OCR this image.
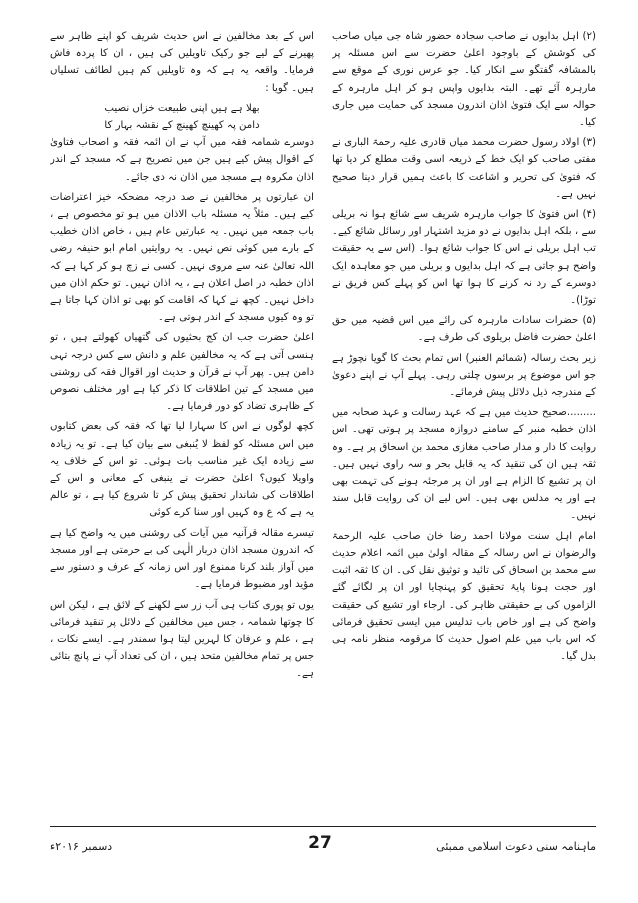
(۲) اہل بدایوں نے صاحب سجادہ حضور شاہ جی میاں صاحب کی کوشش کے باوجود اعلیٰ حضرت سے اس مسئلہ پر بالمشافہ گفتگو سے انکار کیا۔ جو عرس نوری کے موقع سے مارہرہ آئے تھے۔ البتہ بدایوں واپس ہو کر اہل مارہرہ کے حوالہ سے ایک فتویٰ اذان اندرون مسجد کی حمایت میں جاری کیا۔

(۳) اولاد رسول حضرت محمد میاں قادری علیہ رحمۃ الباری نے مفتی صاحب کو ایک خط کے ذریعہ اسی وقت مطلع کر دیا تھا کہ فتویٰ کی تحریر و اشاعت کا باعث ہمیں قرار دینا صحیح نہیں ہے۔

(۴) اس فتویٰ کا جواب مارہرہ شریف سے شائع ہوا نہ بریلی سے ، بلکہ اہل بدایوں نے دو مزید اشتہار اور رسائل شائع کیے۔ تب اہل بریلی نے اس کا جواب شائع ہوا۔ (اس سے یہ حقیقت واضح ہو جاتی ہے کہ اہل بدایوں و بریلی میں جو معاہدہ ایک دوسرے کے رد نہ کرنے کا ہوا تھا اس کو پہلے کس فریق نے توڑا)۔

(۵) حضرات سادات مارہرہ کی رائے میں اس قضیہ میں حق اعلیٰ حضرت فاضل بریلوی کی طرف ہے۔

زیر بحث رسالہ (شمائم العنبر) اس تمام بحث کا گویا نچوڑ ہے جو اس موضوع پر برسوں چلتی رہی۔ پہلے آپ نے اپنے دعویٰ کے مندرجہ ذیل دلائل پیش فرمائے۔

.........صحیح حدیث میں ہے کہ عہد رسالت و عہد صحابہ میں اذان خطبہ منبر کے سامنے دروازہ مسجد پر ہوتی تھی۔ اس روایت کا دار و مدار صاحب مغازی محمد بن اسحاق پر ہے۔ وہ ثقہ ہیں ان کی تنقید کہ یہ قابل بحر و سہ راوی نہیں ہیں۔ ان پر تشیع کا الزام ہے اور ان پر مرجئہ ہونے کی تہمت بھی ہے اور یہ مدلس بھی ہیں۔ اس لیے ان کی روایت قابل سند نہیں۔

امام اہل سنت مولانا احمد رضا خان صاحب علیہ الرحمۃ والرضوان نے اس رسالہ کے مقالہ اولیٰ میں ائمہ اعلام حدیث سے محمد بن اسحاق کی تائید و توثیق نقل کی۔ ان کا ثقہ اثبت اور حجت ہونا پایۂ تحقیق کو پہنچایا اور ان پر لگائے گئے الزاموں کی بے حقیقتی ظاہر کی۔ ارجاء اور تشیع کی حقیقت واضح کی ہے اور خاص باب تدلیس میں ایسی تحقیق فرمائی کہ اس باب میں علم اصول حدیث کا مرقومہ منظر نامہ ہی بدل گیا۔

اس کے بعد مخالفین نے اس حدیث شریف کو اپنے ظاہر سے پھیرنے کے لیے جو رکیک تاویلیں کی ہیں ، ان کا پردہ فاش فرمایا۔ واقعہ یہ ہے کہ وہ تاویلیں کم ہیں لطائف تسلیاں ہیں۔ گویا :

بھلا ہے ہیں اپنی طبیعت خزاں نصیب

دامن پہ کھینچ کھینچ کے نقشہ بہار کا

دوسرے شمامہ فقہ میں آپ نے ان ائمہ فقہ و اصحاب فتاویٰ کے اقوال پیش کیے ہیں جن میں تصریح ہے کہ مسجد کے اندر اذان مکروہ ہے مسجد میں اذان نہ دی جائے۔

ان عبارتوں پر مخالفین نے صد درجہ مضحکہ خیز اعتراضات کیے ہیں۔ مثلاً یہ مسئلہ باب الاذان میں ہو تو مخصوص ہے ، باب جمعہ میں نہیں۔ یہ عبارتیں عام ہیں ، خاص اذان خطیب کے بارے میں کوئی نص نہیں۔ یہ روایتیں امام ابو حنیفہ رضی اللہ تعالیٰ عنہ سے مروی نہیں۔ کسی نے زچ ہو کر کہا ہے کہ اذان خطبہ در اصل اعلان ہے ، یہ اذان نہیں۔ تو حکم اذان میں داخل نہیں۔ کچھ نے کہا کہ اقامت کو بھی تو اذان کہا جاتا ہے تو وہ کیوں مسجد کے اندر ہوتی ہے۔

اعلیٰ حضرت جب ان کج بحثیوں کی گتھیاں کھولتے ہیں ، تو ہنسی آتی ہے کہ یہ مخالفین علم و دانش سے کس درجہ تہی دامن ہیں۔ پھر آپ نے قرآن و حدیث اور اقوال فقہ کی روشنی میں مسجد کے تین اطلاقات کا ذکر کیا ہے اور مختلف نصوص کے ظاہری تضاد کو دور فرمایا ہے۔

کچھ لوگوں نے اس کا سہارا لیا تھا کہ فقہ کی بعض کتابوں میں اس مسئلہ کو لفظ لا یُنبغی سے بیان کیا ہے۔ تو یہ زیادہ سے زیادہ ایک غیر مناسب بات ہوئی۔ تو اس کے خلاف یہ واویلا کیوں؟ اعلیٰ حضرت نے ینبغی کے معانی و اس کے اطلاقات کی شاندار تحقیق پیش کر تا شروع کیا ہے ، تو عالم یہ ہے کہ ع وہ کہیں اور سنا کرے کوئی

تیسرے مقالہ قرآنیہ میں آیات کی روشنی میں یہ واضح کیا ہے کہ اندرون مسجد اذان دربار الٰہی کی بے حرمتی ہے اور مسجد میں آواز بلند کرنا ممنوع اور اس زمانہ کے عرف و دستور سے مؤید اور مضبوط فرمایا ہے۔

یوں تو پوری کتاب ہی آب زر سے لکھنے کے لائق ہے ، لیکن اس کا چوتھا شمامہ ، جس میں مخالفین کے دلائل پر تنقید فرمائی ہے ، علم و عرفان کا لہریں لیتا ہوا سمندر ہے۔ ایسے نکات ، جس پر تمام مخالفین متحد ہیں ، ان کی تعداد آپ نے پانچ بتائی ہے۔

ماہنامہ سنی دعوت اسلامی ممبئی
27
دسمبر ۲۰۱۶ء
